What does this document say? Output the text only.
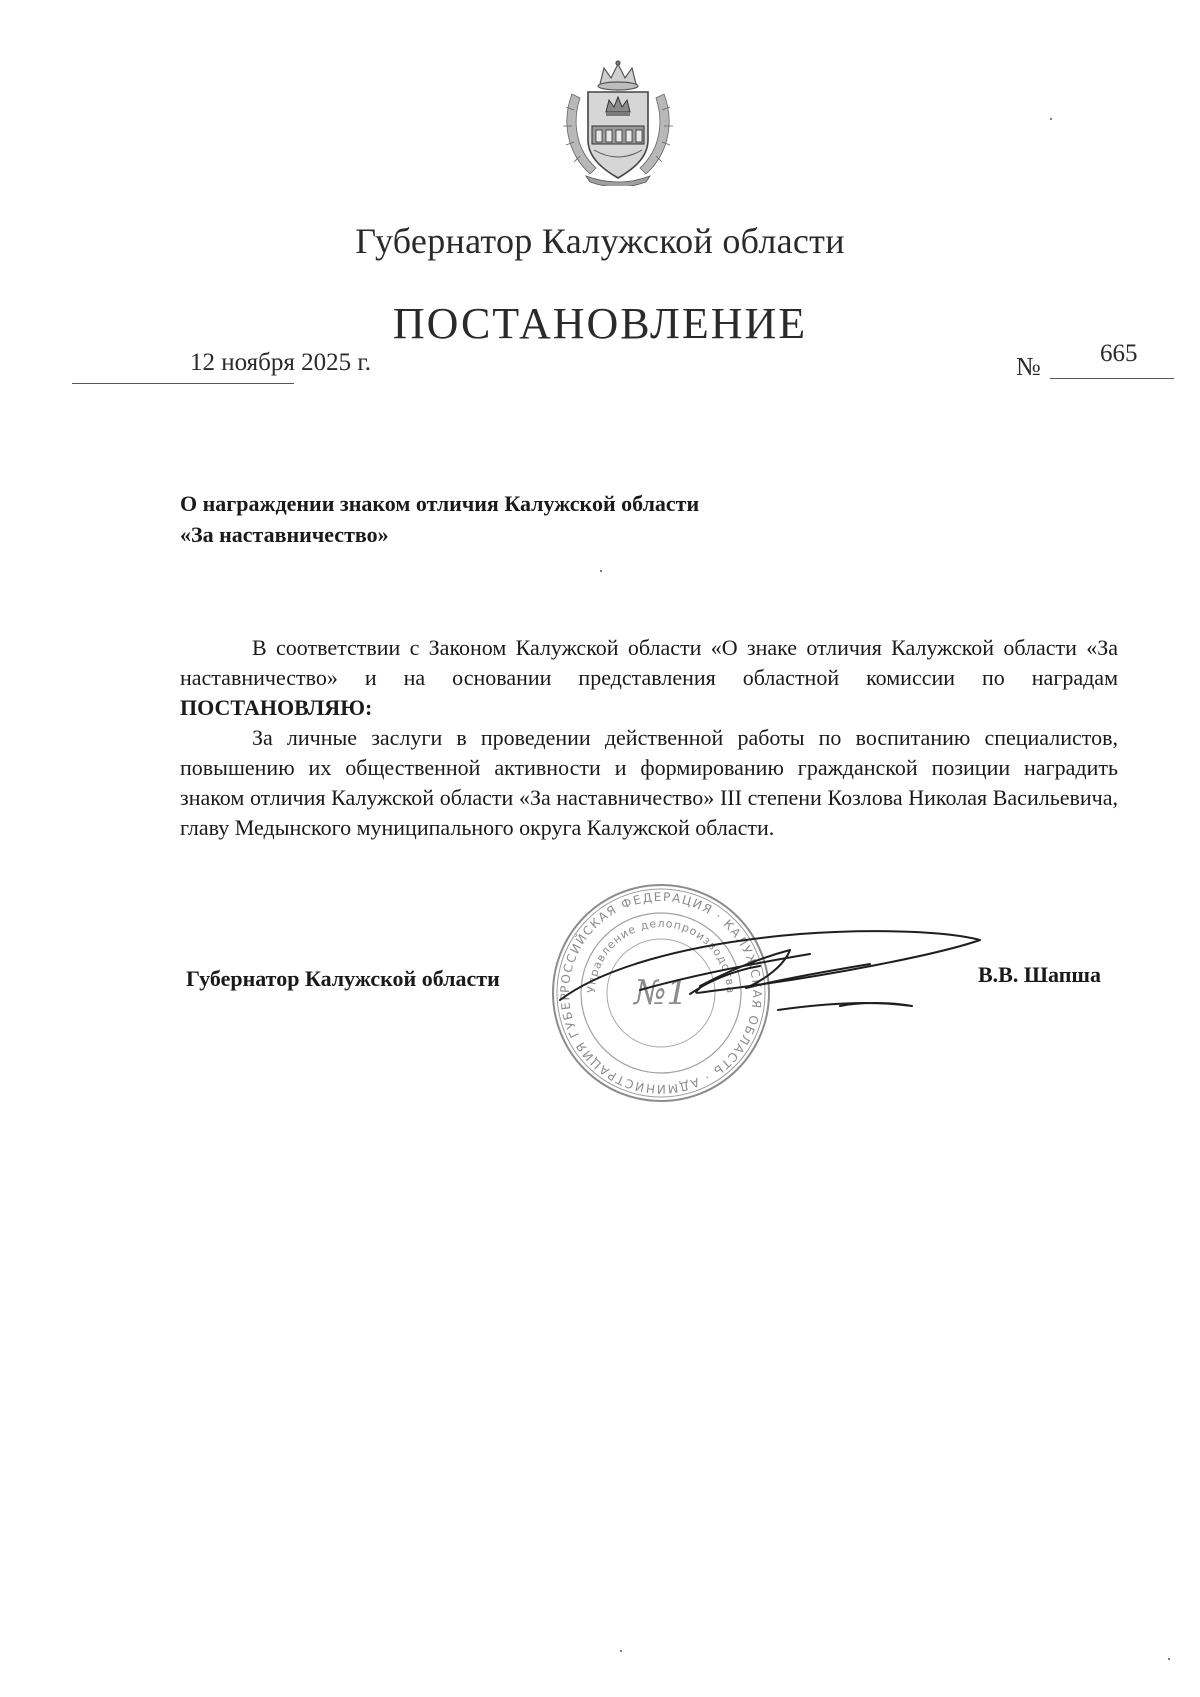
Губернатор Калужской области
ПОСТАНОВЛЕНИЕ
12 ноября 2025 г.	№ 665
О награждении знаком отличия Калужской области
«За наставничество»

В соответствии с Законом Калужской области «О знаке отличия Калужской области «За наставничество» и на основании представления областной комиссии по наградам ПОСТАНОВЛЯЮ:

За личные заслуги в проведении действенной работы по воспитанию специалистов, повышению их общественной активности и формированию гражданской позиции наградить знаком отличия Калужской области «За наставничество» III степени Козлова Николая Васильевича, главу Медынского муниципального округа Калужской области.

РОССИЙСКАЯ ФЕДЕРАЦИЯ · КАЛУЖСКАЯ ОБЛАСТЬ · АДМИНИСТРАЦИЯ ГУБЕР
Управление делопроизводства
№1
Губернатор Калужской области	В.В. Шапша
